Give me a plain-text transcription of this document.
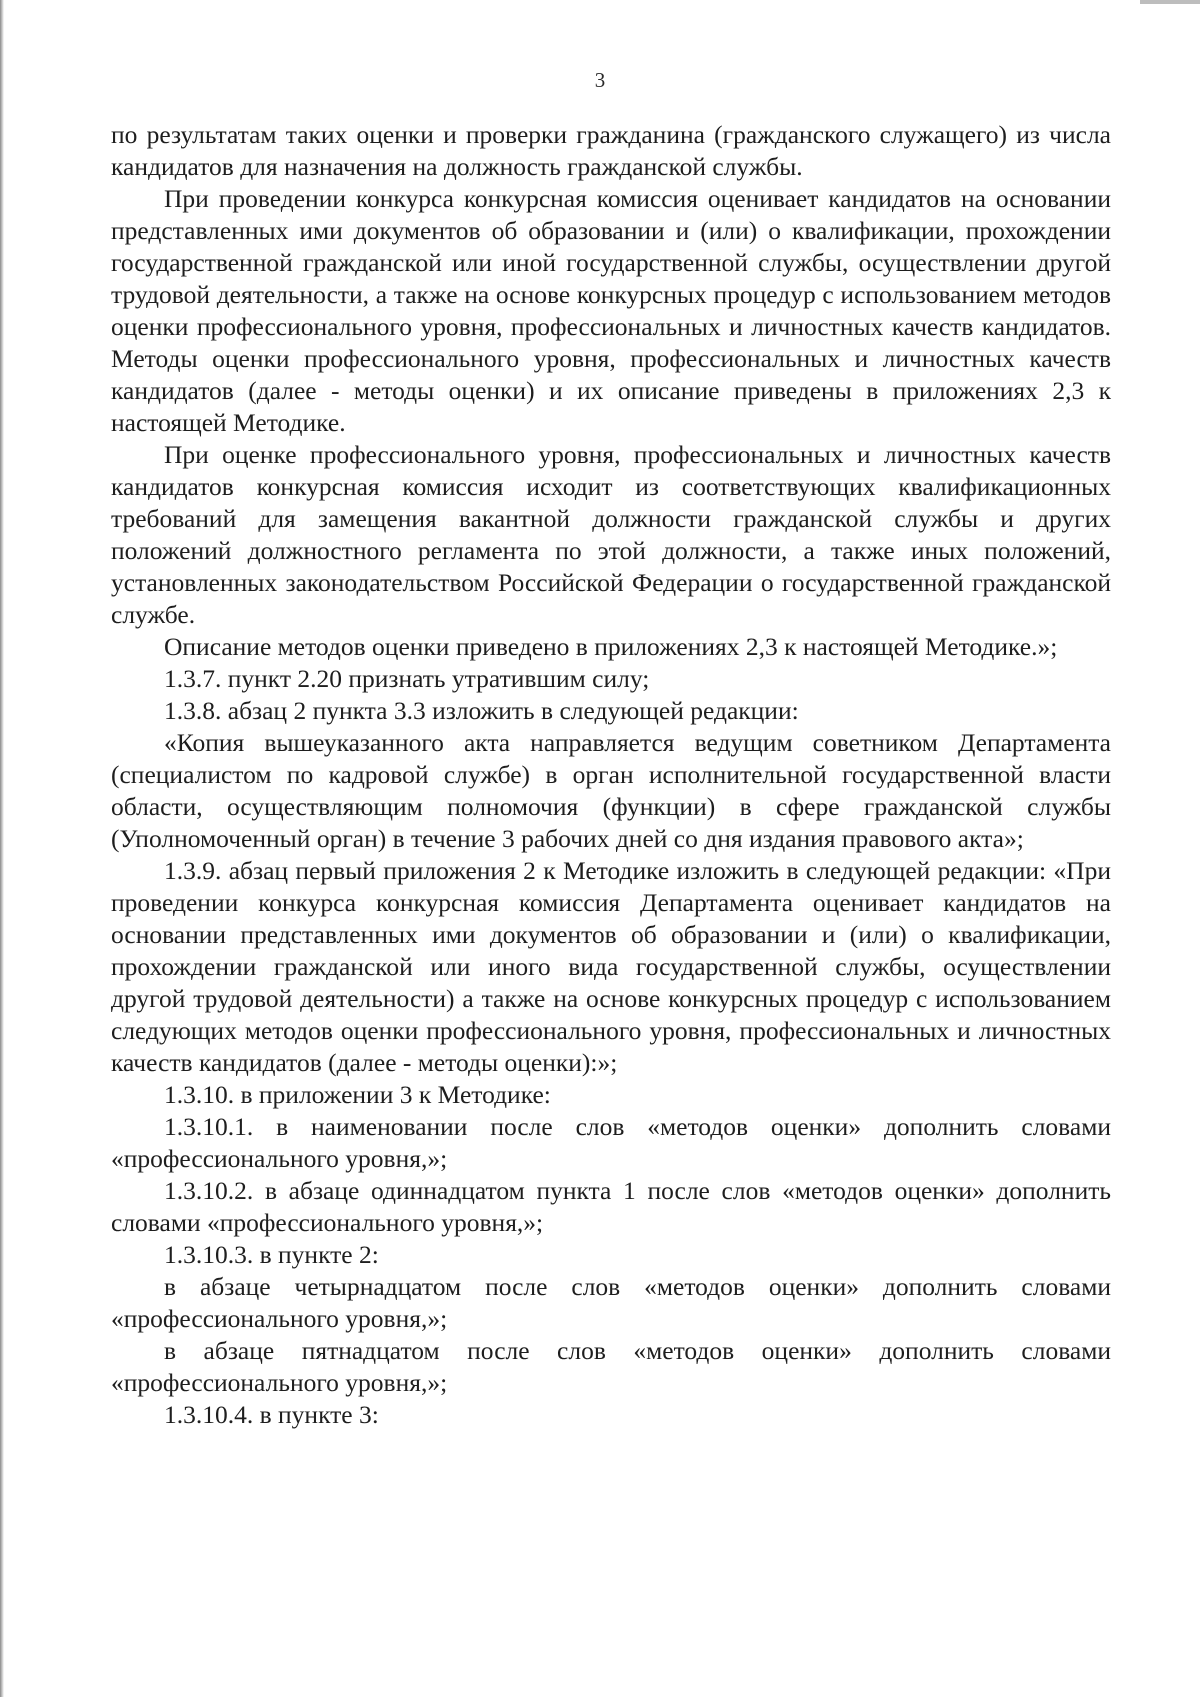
3

по результатам таких оценки и проверки гражданина (гражданского служащего) из числа кандидатов для назначения на должность гражданской службы.

При проведении конкурса конкурсная комиссия оценивает кандидатов на основании представленных ими документов об образовании и (или) о квалификации, прохождении государственной гражданской или иной государственной службы, осуществлении другой трудовой деятельности, а также на основе конкурсных процедур с использованием методов оценки профессионального уровня, профессиональных и личностных качеств кандидатов. Методы оценки профессионального уровня, профессиональных и личностных качеств кандидатов (далее - методы оценки) и их описание приведены в приложениях 2,3 к настоящей Методике.

При оценке профессионального уровня, профессиональных и личностных качеств кандидатов конкурсная комиссия исходит из соответствующих квалификационных требований для замещения вакантной должности гражданской службы и других положений должностного регламента по этой должности, а также иных положений, установленных законодательством Российской Федерации о государственной гражданской службе.

Описание методов оценки приведено в приложениях 2,3 к настоящей Методике.»;

1.3.7. пункт 2.20 признать утратившим силу;

1.3.8. абзац 2 пункта 3.3 изложить в следующей редакции:

«Копия вышеуказанного акта направляется ведущим советником Департамента (специалистом по кадровой службе) в орган исполнительной государственной власти области, осуществляющим полномочия (функции) в сфере гражданской службы (Уполномоченный орган) в течение 3 рабочих дней со дня издания правового акта»;

1.3.9. абзац первый приложения 2 к Методике изложить в следующей редакции: «При проведении конкурса конкурсная комиссия Департамента оценивает кандидатов на основании представленных ими документов об образовании и (или) о квалификации, прохождении гражданской или иного вида государственной службы, осуществлении другой трудовой деятельности) а также на основе конкурсных процедур с использованием следующих методов оценки профессионального уровня, профессиональных и личностных качеств кандидатов (далее - методы оценки):»;

1.3.10. в приложении 3 к Методике:

1.3.10.1. в наименовании после слов «методов оценки» дополнить словами «профессионального уровня,»;

1.3.10.2. в абзаце одиннадцатом пункта 1 после слов «методов оценки» дополнить словами «профессионального уровня,»;

1.3.10.3. в пункте 2:

в абзаце четырнадцатом после слов «методов оценки» дополнить словами «профессионального уровня,»;

в абзаце пятнадцатом после слов «методов оценки» дополнить словами «профессионального уровня,»;

1.3.10.4. в пункте 3:
